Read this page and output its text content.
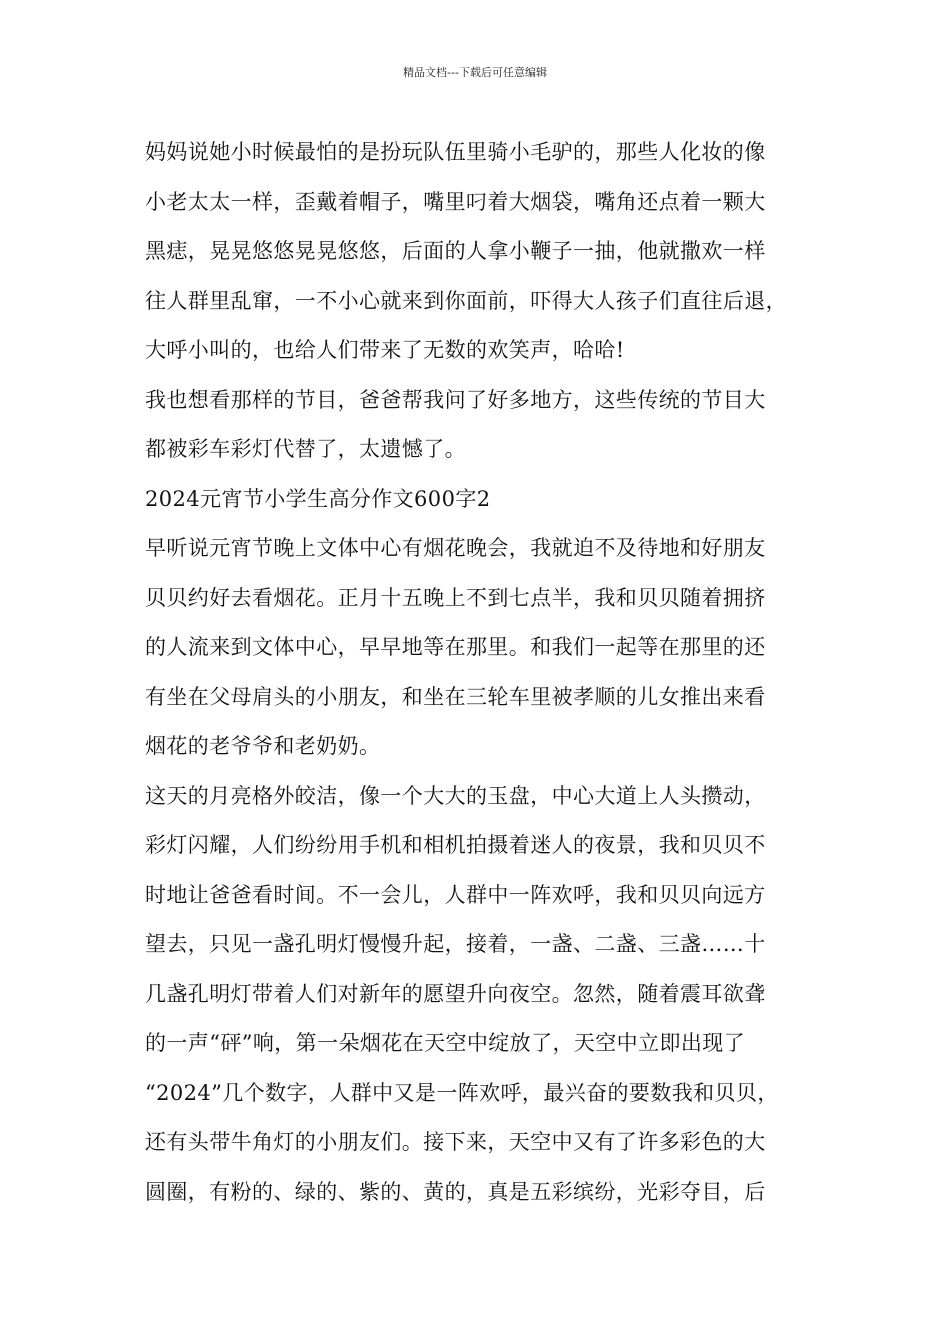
精品文档---下载后可任意编辑
妈妈说她小时候最怕的是扮玩队伍里骑小毛驴的，那些人化妆的像
小老太太一样，歪戴着帽子，嘴里叼着大烟袋，嘴角还点着一颗大
黑痣，晃晃悠悠晃晃悠悠，后面的人拿小鞭子一抽，他就撒欢一样
往人群里乱窜，一不小心就来到你面前，吓得大人孩子们直往后退，
大呼小叫的，也给人们带来了无数的欢笑声，哈哈!
我也想看那样的节目，爸爸帮我问了好多地方，这些传统的节目大
都被彩车彩灯代替了，太遗憾了。
2024元宵节小学生高分作文600字2
早听说元宵节晚上文体中心有烟花晚会，我就迫不及待地和好朋友
贝贝约好去看烟花。正月十五晚上不到七点半，我和贝贝随着拥挤
的人流来到文体中心，早早地等在那里。和我们一起等在那里的还
有坐在父母肩头的小朋友，和坐在三轮车里被孝顺的儿女推出来看
烟花的老爷爷和老奶奶。
这天的月亮格外皎洁，像一个大大的玉盘，中心大道上人头攒动，
彩灯闪耀，人们纷纷用手机和相机拍摄着迷人的夜景，我和贝贝不
时地让爸爸看时间。不一会儿，人群中一阵欢呼，我和贝贝向远方
望去，只见一盏孔明灯慢慢升起，接着，一盏、二盏、三盏……十
几盏孔明灯带着人们对新年的愿望升向夜空。忽然，随着震耳欲聋
的一声“砰”响，第一朵烟花在天空中绽放了，天空中立即出现了
“2024”几个数字，人群中又是一阵欢呼，最兴奋的要数我和贝贝，
还有头带牛角灯的小朋友们。接下来，天空中又有了许多彩色的大
圆圈，有粉的、绿的、紫的、黄的，真是五彩缤纷，光彩夺目，后
